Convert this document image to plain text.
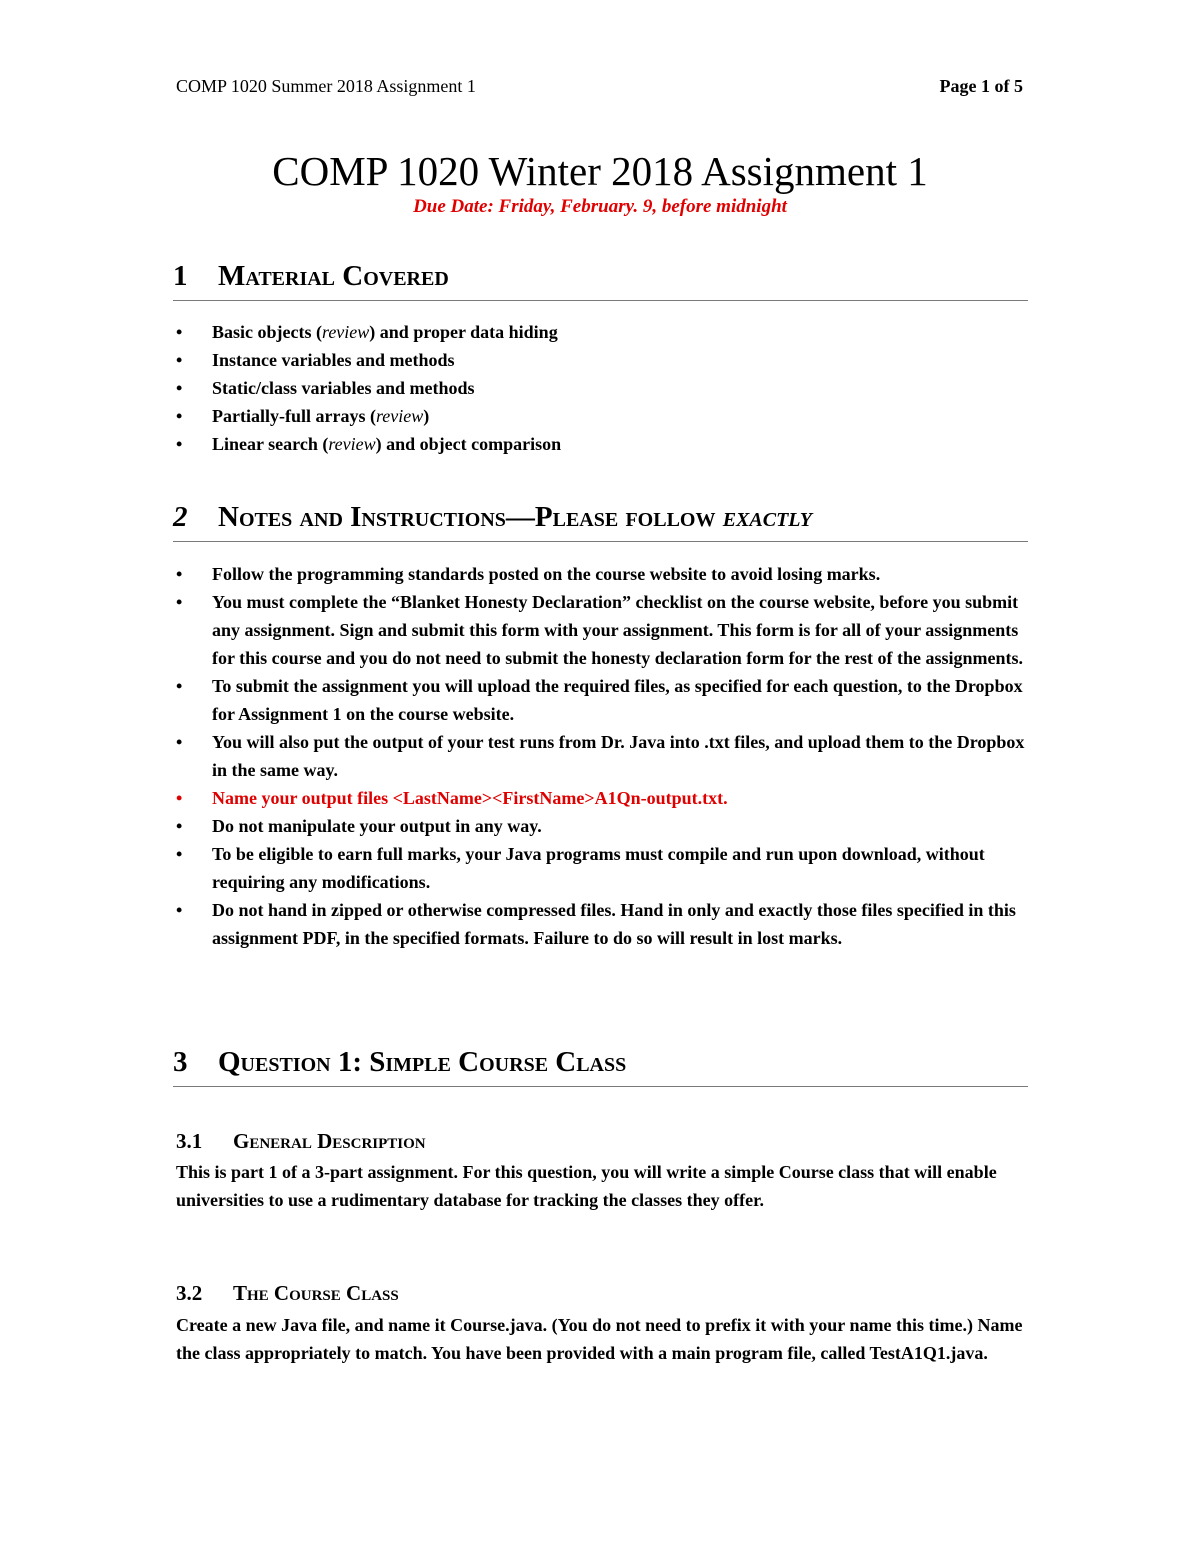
COMP 1020 Summer 2018 Assignment 1	Page 1 of 5
COMP 1020 Winter 2018 Assignment 1
Due Date: Friday, February. 9, before midnight
1 Material Covered
• Basic objects (review) and proper data hiding
• Instance variables and methods
• Static/class variables and methods
• Partially-full arrays (review)
• Linear search (review) and object comparison
2 Notes and Instructions—Please follow exactly
• Follow the programming standards posted on the course website to avoid losing marks.
• You must complete the “Blanket Honesty Declaration” checklist on the course website, before you submit any assignment. Sign and submit this form with your assignment. This form is for all of your assignments for this course and you do not need to submit the honesty declaration form for the rest of the assignments.
• To submit the assignment you will upload the required files, as specified for each question, to the Dropbox for Assignment 1 on the course website.
• You will also put the output of your test runs from Dr. Java into .txt files, and upload them to the Dropbox in the same way.
• Name your output files <LastName><FirstName>A1Qn-output.txt.
• Do not manipulate your output in any way.
• To be eligible to earn full marks, your Java programs must compile and run upon download, without requiring any modifications.
• Do not hand in zipped or otherwise compressed files. Hand in only and exactly those files specified in this assignment PDF, in the specified formats. Failure to do so will result in lost marks.
3 Question 1: Simple Course Class
3.1 General Description

This is part 1 of a 3-part assignment. For this question, you will write a simple Course class that will enable universities to use a rudimentary database for tracking the classes they offer.

3.2 The Course Class

Create a new Java file, and name it Course.java. (You do not need to prefix it with your name this time.) Name the class appropriately to match. You have been provided with a main program file, called TestA1Q1.java.
